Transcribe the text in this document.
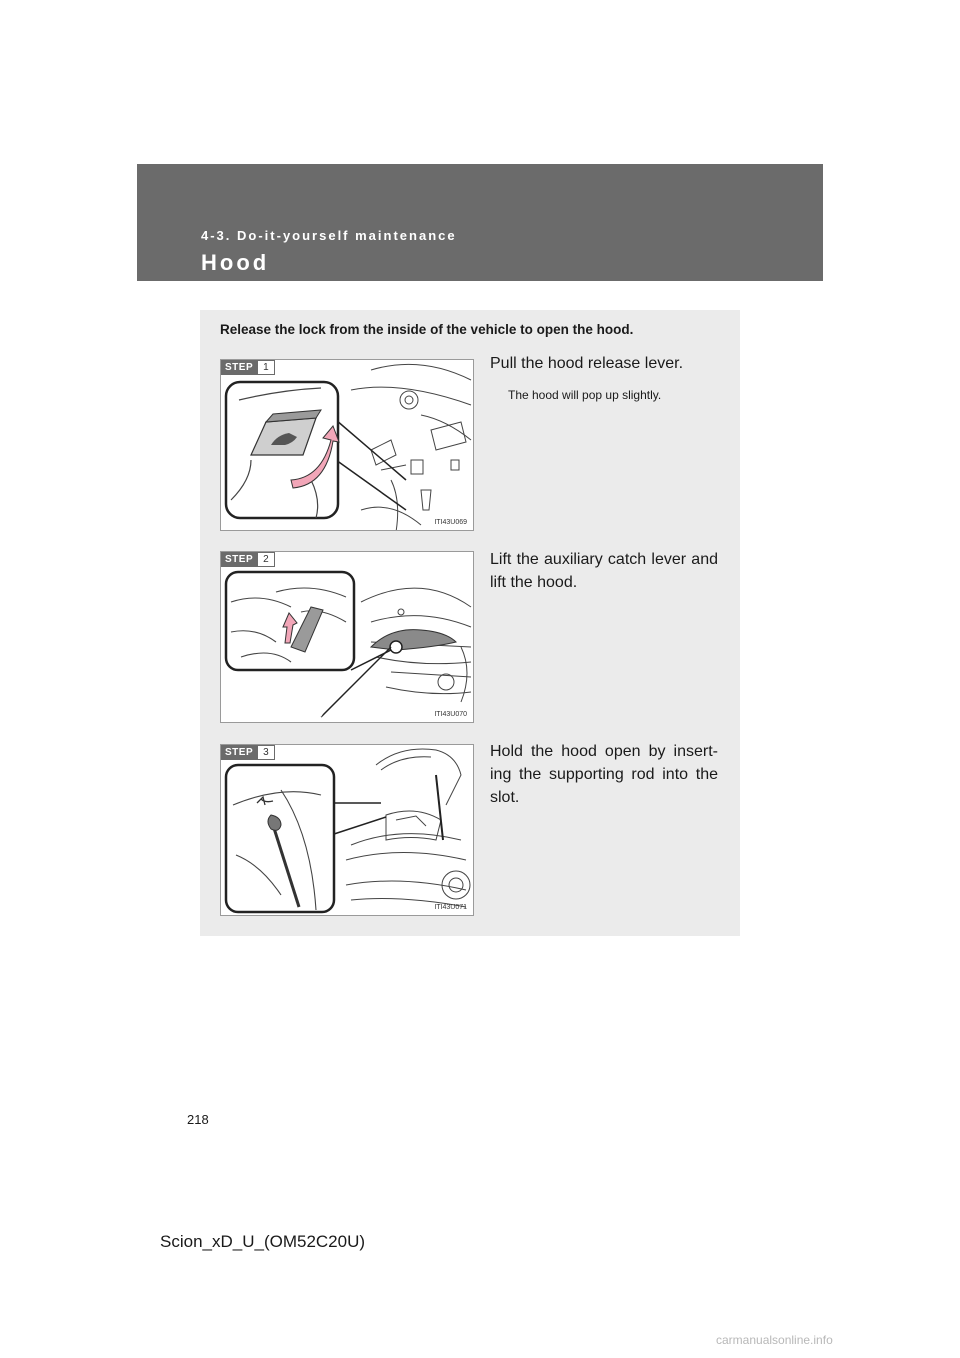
4-3. Do-it-yourself maintenance
Hood
Release the lock from the inside of the vehicle to open the hood.
STEP	1
ITI43U069
Pull the hood release lever.
The hood will pop up slightly.
STEP	2
ITI43U070
Lift the auxiliary catch lever and lift the hood.
STEP	3
ITI43U071
Hold the hood open by insert-ing the supporting rod into the slot.
218
Scion_xD_U_(OM52C20U)
carmanualsonline.info
